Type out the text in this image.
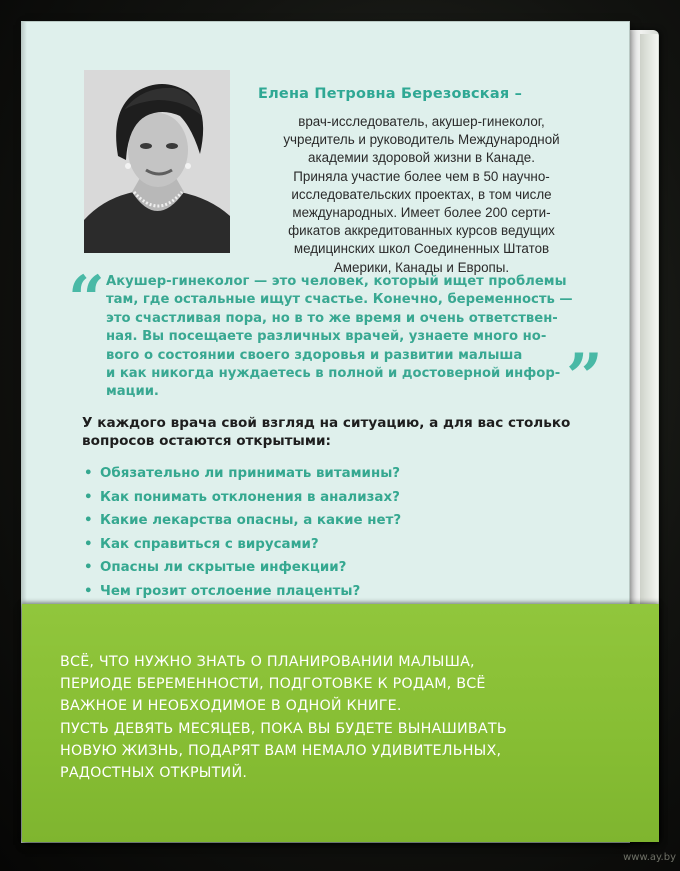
Елена Петровна Березовская –
врач-исследователь, акушер-гинеколог,
учредитель и руководитель Международной
академии здоровой жизни в Канаде.
Приняла участие более чем в 50 научно-
исследовательских проектах, в том числе
международных. Имеет более 200 серти-
фикатов аккредитованных курсов ведущих
медицинских школ Соединенных Штатов
Америки, Канады и Европы.
“ Акушер-гинеколог — это человек, который ищет проблемы
там, где остальные ищут счастье. Конечно, беременность —
это счастливая пора, но в то же время и очень ответствен-
ная. Вы посещаете различных врачей, узнаете много но-
вого о состоянии своего здоровья и развитии малыша
и как никогда нуждаетесь в полной и достоверной инфор-
мации.	”
У каждого врача свой взгляд на ситуацию, а для вас столько
вопросов остаются открытыми:
• Обязательно ли принимать витамины?
• Как понимать отклонения в анализах?
• Какие лекарства опасны, а какие нет?
• Как справиться с вирусами?
• Опасны ли скрытые инфекции?
• Чем грозит отслоение плаценты?
ВСЁ, ЧТО НУЖНО ЗНАТЬ О ПЛАНИРОВАНИИ МАЛЫША,
ПЕРИОДЕ БЕРЕМЕННОСТИ, ПОДГОТОВКЕ К РОДАМ, ВСЁ
ВАЖНОЕ И НЕОБХОДИМОЕ В ОДНОЙ КНИГЕ.
ПУСТЬ ДЕВЯТЬ МЕСЯЦЕВ, ПОКА ВЫ БУДЕТЕ ВЫНАШИВАТЬ
НОВУЮ ЖИЗНЬ, ПОДАРЯТ ВАМ НЕМАЛО УДИВИТЕЛЬНЫХ,
РАДОСТНЫХ ОТКРЫТИЙ.
www.ay.by
